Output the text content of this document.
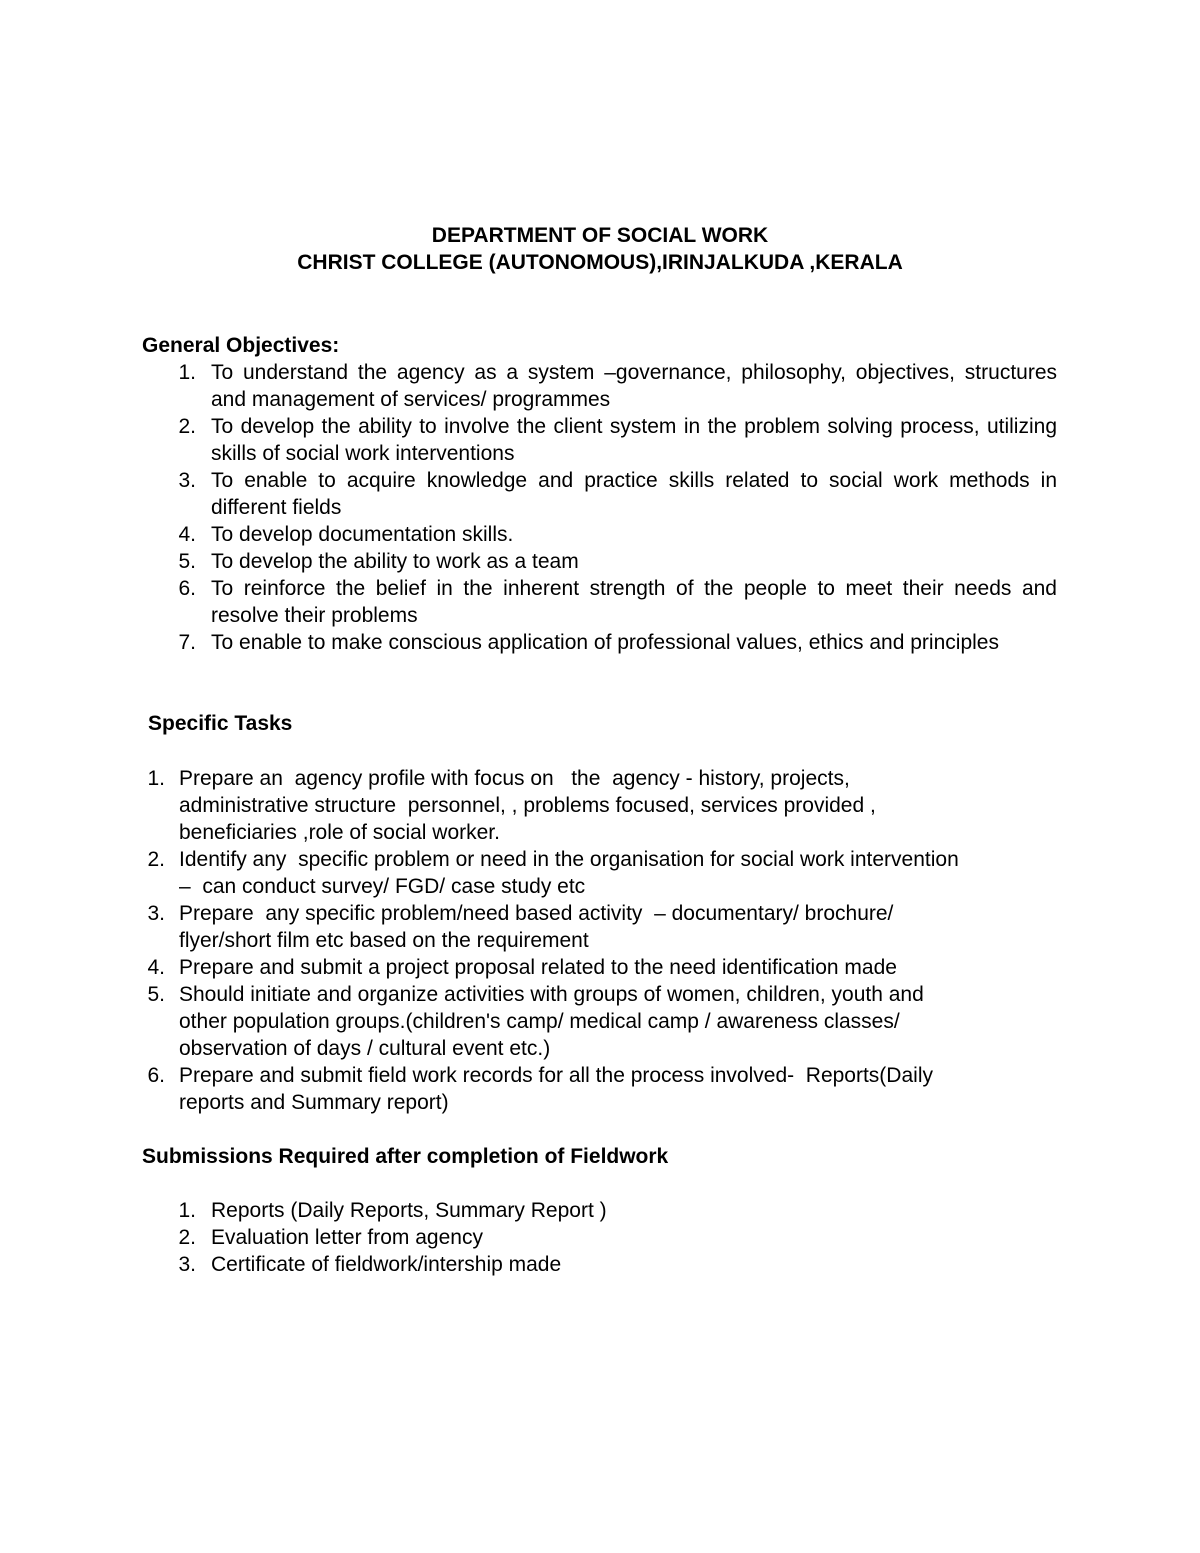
DEPARTMENT OF SOCIAL WORK
CHRIST COLLEGE (AUTONOMOUS),IRINJALKUDA ,KERALA
General Objectives:
1. To understand the agency as a system –governance, philosophy, objectives, structures and management of services/ programmes
2. To develop the ability to involve the client system in the problem solving process, utilizing skills of social work interventions
3. To enable to acquire knowledge and practice skills related to social work methods in different fields
4. To develop documentation skills.
5. To develop the ability to work as a team
6. To reinforce the belief in the inherent strength of the people to meet their needs and resolve their problems
7. To enable to make conscious application of professional values, ethics and principles
Specific Tasks
1. Prepare an  agency profile with focus on   the  agency - history, projects,
administrative structure  personnel, , problems focused, services provided ,
beneficiaries ,role of social worker.
2. Identify any  specific problem or need in the organisation for social work intervention
–  can conduct survey/ FGD/ case study etc
3. Prepare  any specific problem/need based activity  – documentary/ brochure/
flyer/short film etc based on the requirement
4. Prepare and submit a project proposal related to the need identification made
5. Should initiate and organize activities with groups of women, children, youth and
other population groups.(children's camp/ medical camp / awareness classes/
observation of days / cultural event etc.)
6. Prepare and submit field work records for all the process involved-  Reports(Daily
reports and Summary report)
Submissions Required after completion of Fieldwork
1. Reports (Daily Reports, Summary Report )
2. Evaluation letter from agency
3. Certificate of fieldwork/intership made
